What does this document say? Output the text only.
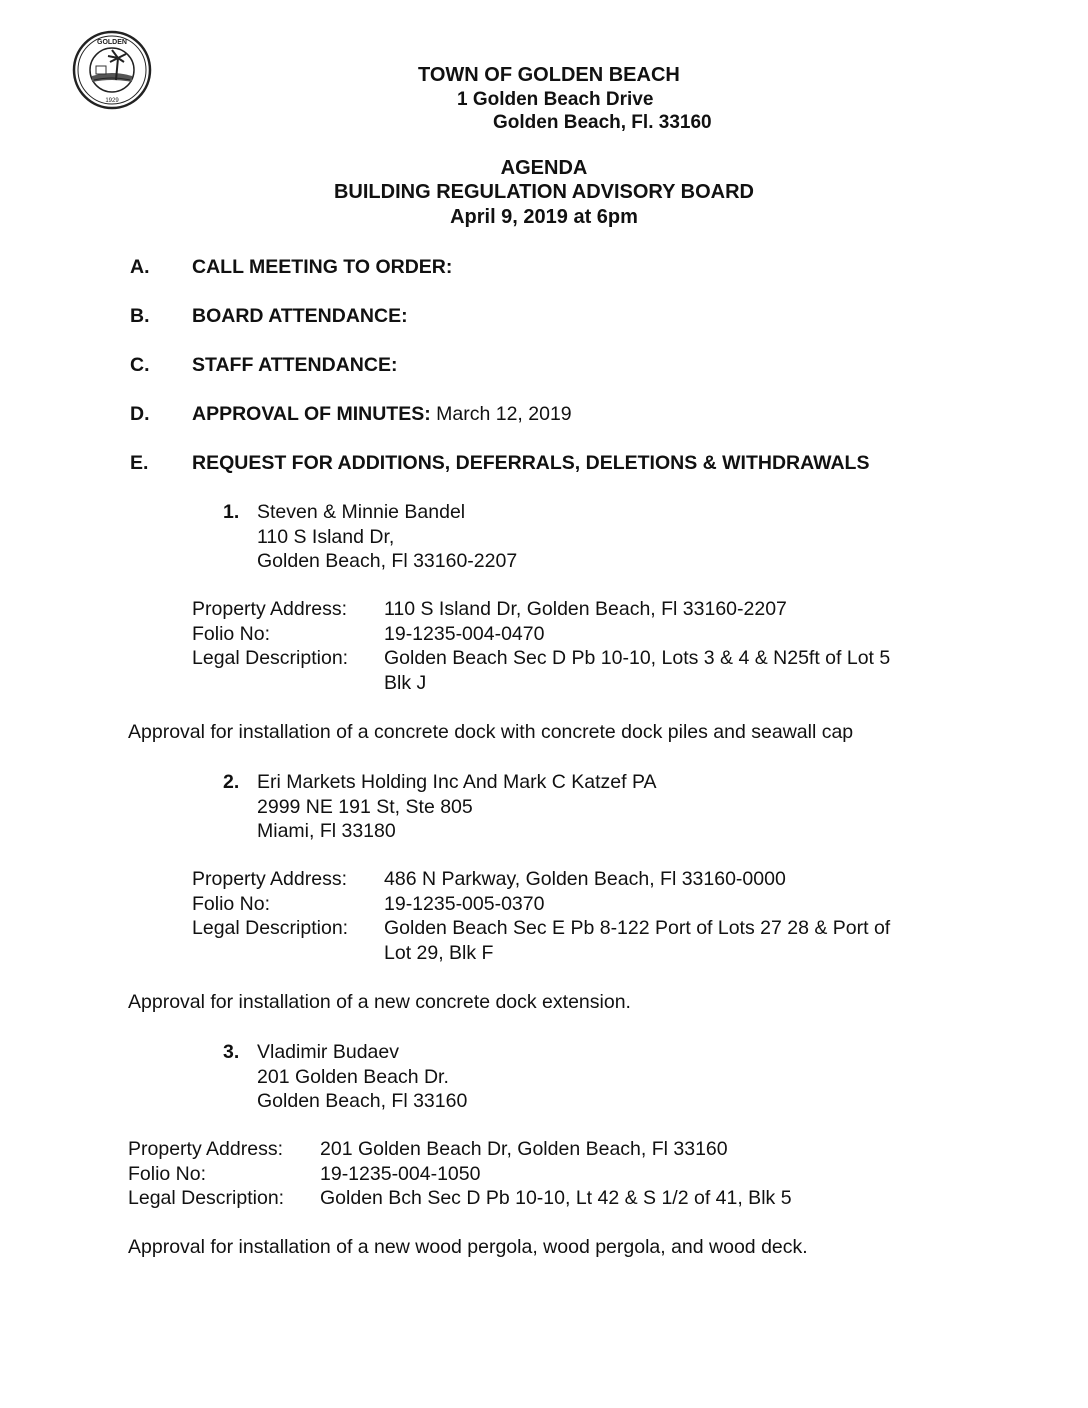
GOLDEN
1929
TOWN OF GOLDEN BEACH
1 Golden Beach Drive
Golden Beach, Fl. 33160
AGENDA
BUILDING REGULATION ADVISORY BOARD
April 9, 2019 at 6pm
A. CALL MEETING TO ORDER:
B. BOARD ATTENDANCE:
C. STAFF ATTENDANCE:
D. APPROVAL OF MINUTES: March 12, 2019
E. REQUEST FOR ADDITIONS, DEFERRALS, DELETIONS & WITHDRAWALS
1. Steven & Minnie Bandel
110 S Island Dr,
Golden Beach, Fl 33160-2207
Property Address: 110 S Island Dr, Golden Beach, Fl 33160-2207
Folio No:	19-1235-004-0470
Legal Description: Golden Beach Sec D Pb 10-10, Lots 3 & 4 & N25ft of Lot 5
Blk J
Approval for installation of a concrete dock with concrete dock piles and seawall cap
2. Eri Markets Holding Inc And Mark C Katzef PA
2999 NE 191 St, Ste 805
Miami, Fl 33180
Property Address: 486 N Parkway, Golden Beach, Fl 33160-0000
Folio No:	19-1235-005-0370
Legal Description: Golden Beach Sec E Pb 8-122 Port of Lots 27 28 & Port of
Lot 29, Blk F
Approval for installation of a new concrete dock extension.
3. Vladimir Budaev
201 Golden Beach Dr.
Golden Beach, Fl 33160
Property Address: 201 Golden Beach Dr, Golden Beach, Fl 33160
Folio No:	19-1235-004-1050
Legal Description: Golden Bch Sec D Pb 10-10, Lt 42 & S 1/2 of 41, Blk 5
Approval for installation of a new wood pergola, wood pergola, and wood deck.
